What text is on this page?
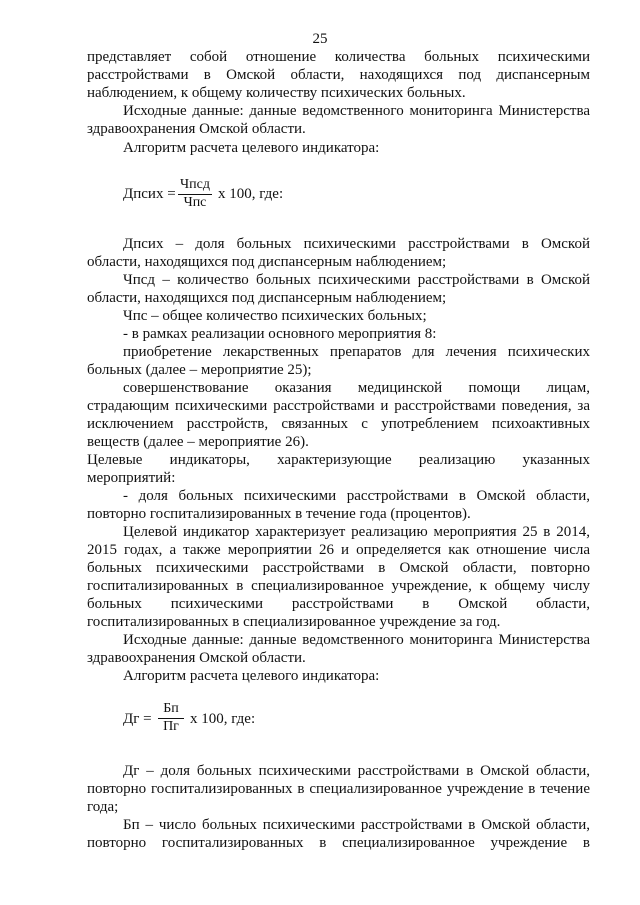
25
представляет собой отношение количества больных психическими
расстройствами в Омской области, находящихся под диспансерным
наблюдением, к общему количеству психических больных.
Исходные данные: данные ведомственного мониторинга Министерства
здравоохранения Омской области.
Алгоритм расчета целевого индикатора:
Дпсих =
Чпсд
Чпс
х 100, где:
Дпсих – доля больных психическими расстройствами в Омской
области, находящихся под диспансерным наблюдением;
Чпсд – количество больных психическими расстройствами в Омской
области, находящихся под диспансерным наблюдением;
Чпс – общее количество психических больных;
- в рамках реализации основного мероприятия 8:
приобретение лекарственных препаратов для лечения психических
больных (далее – мероприятие 25);
совершенствование оказания медицинской помощи лицам,
страдающим психическими расстройствами и расстройствами поведения, за
исключением расстройств, связанных с употреблением психоактивных
веществ (далее – мероприятие 26).
Целевые индикаторы, характеризующие реализацию указанных
мероприятий:
- доля больных психическими расстройствами в Омской области,
повторно госпитализированных в течение года (процентов).
Целевой индикатор характеризует реализацию мероприятия 25 в 2014,
2015 годах, а также мероприятии 26 и определяется как отношение числа
больных психическими расстройствами в Омской области, повторно
госпитализированных в специализированное учреждение, к общему числу
больных психическими расстройствами в Омской области,
госпитализированных в специализированное учреждение за год.
Исходные данные: данные ведомственного мониторинга Министерства
здравоохранения Омской области.
Алгоритм расчета целевого индикатора:
Дг =
Бп
Пг х 100, где:
Дг – доля больных психическими расстройствами в Омской области,
повторно госпитализированных в специализированное учреждение в течение
года;
Бп – число больных психическими расстройствами в Омской области,
повторно госпитализированных в специализированное учреждение в
